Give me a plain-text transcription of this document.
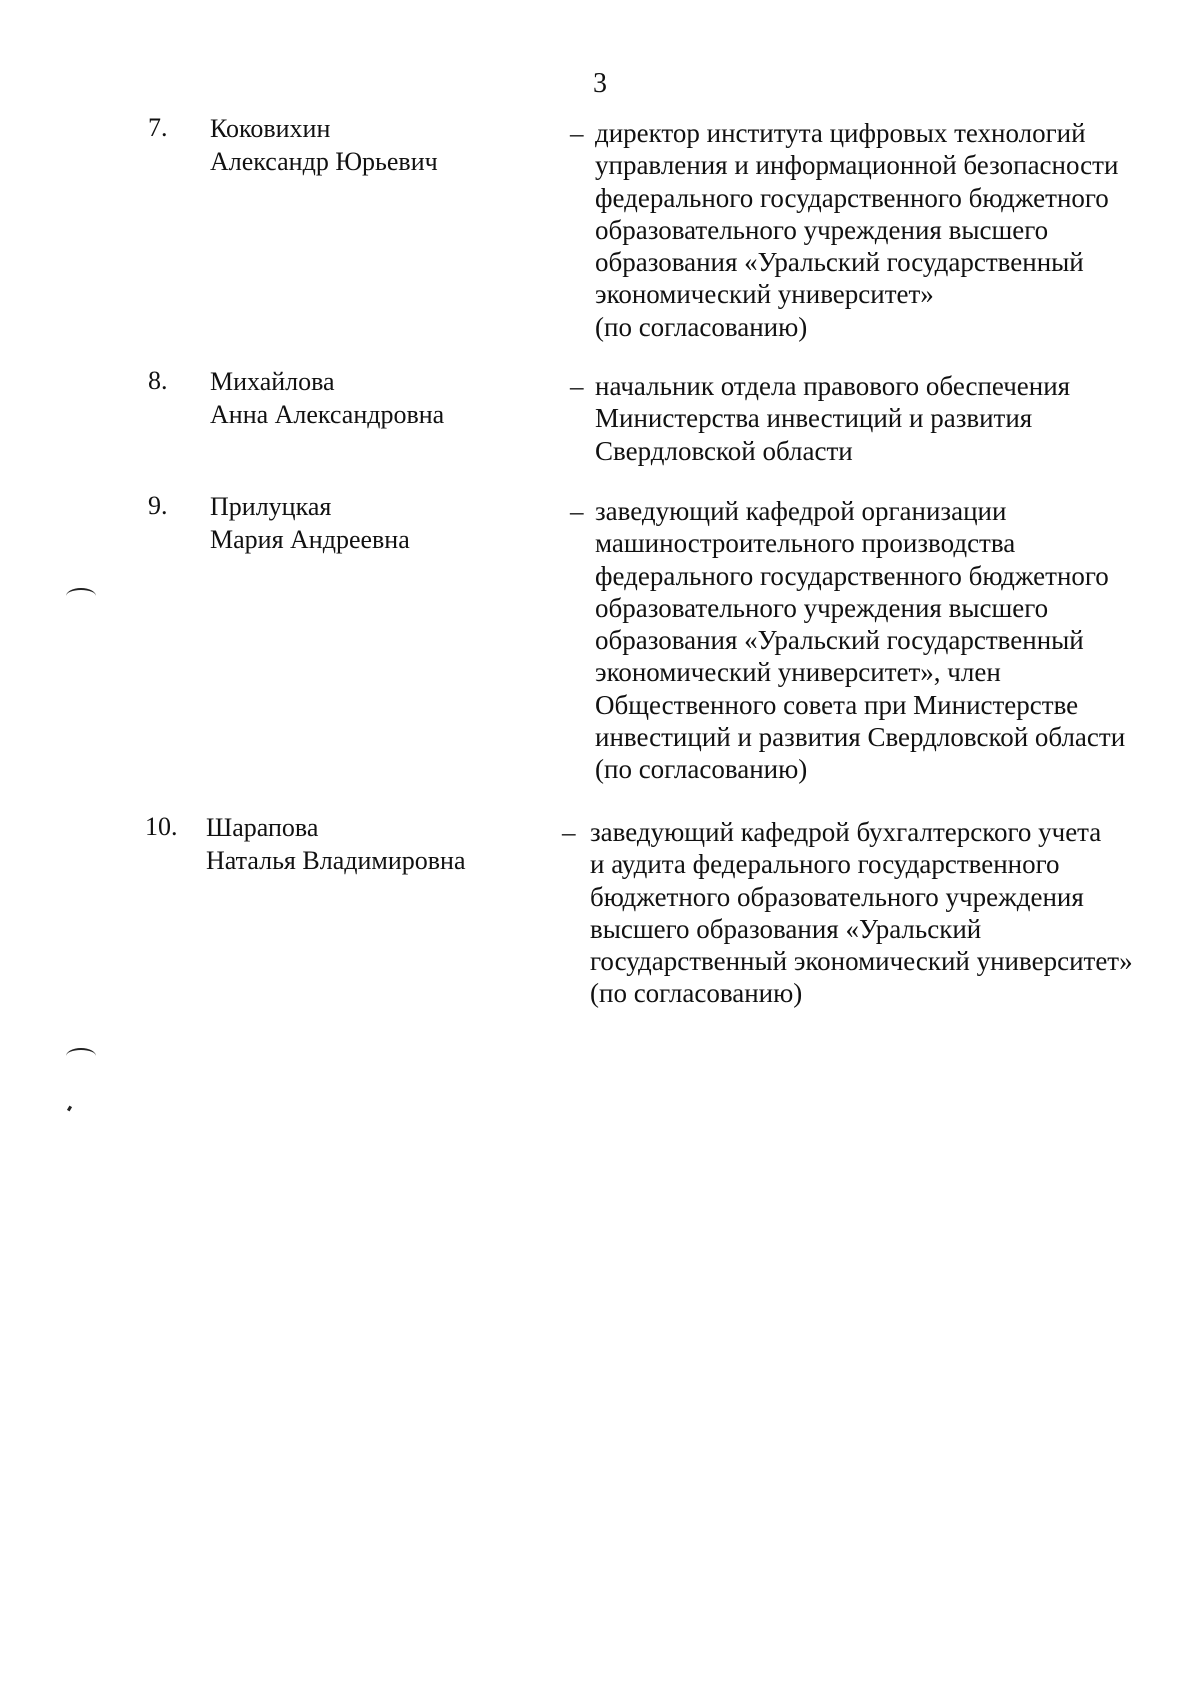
3
7. Коковихин
Александр Юрьевич
– директор института цифровых технологий
управления и информационной безопасности
федерального государственного бюджетного
образовательного учреждения высшего
образования «Уральский государственный
экономический университет»
(по согласованию)
8. Михайлова
Анна Александровна
– начальник отдела правового обеспечения
Министерства инвестиций и развития
Свердловской области
9. Прилуцкая
Мария Андреевна
– заведующий кафедрой организации
машиностроительного производства
федерального государственного бюджетного
образовательного учреждения высшего
образования «Уральский государственный
экономический университет», член
Общественного совета при Министерстве
инвестиций и развития Свердловской области
(по согласованию)
10. Шарапова
Наталья Владимировна
– заведующий кафедрой бухгалтерского учета
и аудита федерального государственного
бюджетного образовательного учреждения
высшего образования «Уральский
государственный экономический университет»
(по согласованию)
